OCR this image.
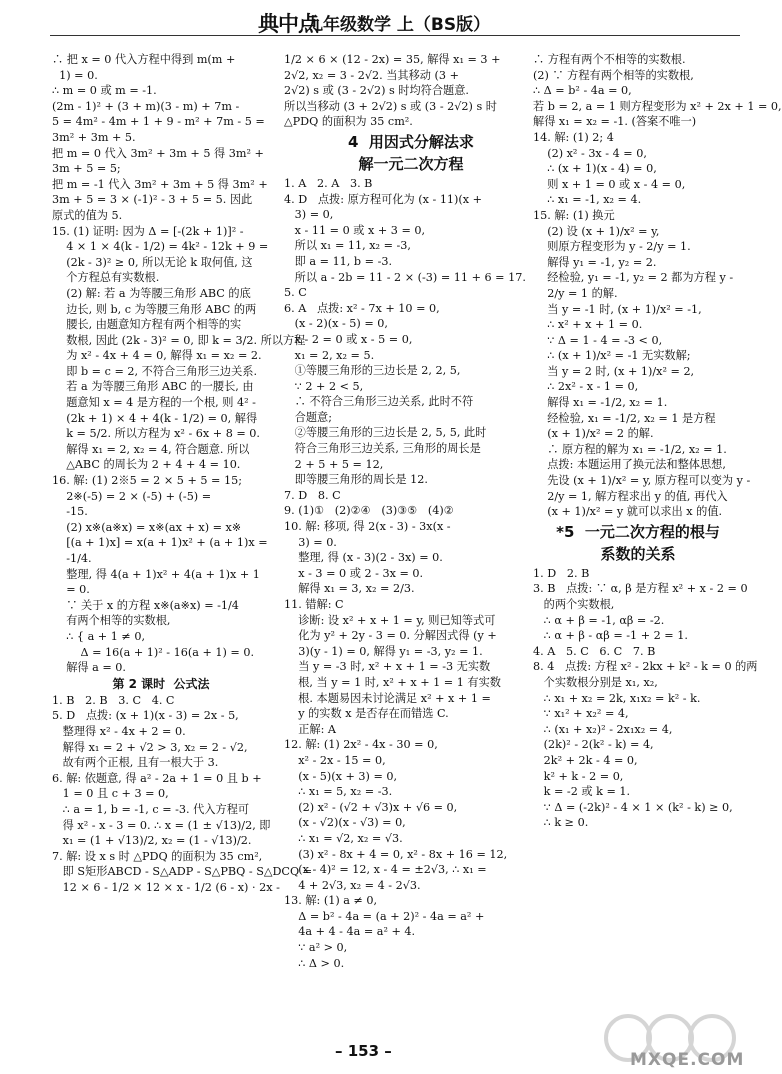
典中点
九年级数学 上（BS版）
∴ 把 x = 0 代入方程中得到 m(m +
1) = 0.
∴ m = 0 或 m = -1.
(2m - 1)² + (3 + m)(3 - m) + 7m -
5 = 4m² - 4m + 1 + 9 - m² + 7m - 5 =
3m² + 3m + 5.
把 m = 0 代入 3m² + 3m + 5 得 3m² +
3m + 5 = 5;
把 m = -1 代入 3m² + 3m + 5 得 3m² +
3m + 5 = 3 × (-1)² - 3 + 5 = 5. 因此
原式的值为 5.
15. (1) 证明: 因为 Δ = [-(2k + 1)]² -
4 × 1 × 4(k - 1/2) = 4k² - 12k + 9 =
(2k - 3)² ≥ 0, 所以无论 k 取何值, 这
个方程总有实数根.
(2) 解: 若 a 为等腰三角形 ABC 的底
边长, 则 b, c 为等腰三角形 ABC 的两
腰长, 由题意知方程有两个相等的实
数根, 因此 (2k - 3)² = 0, 即 k = 3/2. 所以方程
为 x² - 4x + 4 = 0, 解得 x₁ = x₂ = 2.
即 b = c = 2, 不符合三角形三边关系.
若 a 为等腰三角形 ABC 的一腰长, 由
题意知 x = 4 是方程的一个根, 则 4² -
(2k + 1) × 4 + 4(k - 1/2) = 0, 解得
k = 5/2. 所以方程为 x² - 6x + 8 = 0.
解得 x₁ = 2, x₂ = 4, 符合题意. 所以
△ABC 的周长为 2 + 4 + 4 = 10.
16. 解: (1) 2※5 = 2 × 5 + 5 = 15;
2※(-5) = 2 × (-5) + (-5) =
-15.
(2) x※(a※x) = x※(ax + x) = x※
[(a + 1)x] = x(a + 1)x² + (a + 1)x =
-1/4.
整理, 得 4(a + 1)x² + 4(a + 1)x + 1
= 0.
∵ 关于 x 的方程 x※(a※x) = -1/4
有两个相等的实数根,
∴ { a + 1 ≠ 0,
Δ = 16(a + 1)² - 16(a + 1) = 0.
解得 a = 0.
第 2 课时  公式法
1. B   2. B   3. C   4. C
5. D   点拨: (x + 1)(x - 3) = 2x - 5,
整理得 x² - 4x + 2 = 0.
解得 x₁ = 2 + √2 > 3, x₂ = 2 - √2,
故有两个正根, 且有一根大于 3.
6. 解: 依题意, 得 a² - 2a + 1 = 0 且 b +
1 = 0 且 c + 3 = 0,
∴ a = 1, b = -1, c = -3. 代入方程可
得 x² - x - 3 = 0. ∴ x = (1 ± √13)/2, 即
x₁ = (1 + √13)/2, x₂ = (1 - √13)/2.
7. 解: 设 x s 时 △PDQ 的面积为 35 cm²,
即 S矩形ABCD - S△ADP - S△PBQ - S△DCQ =
12 × 6 - 1/2 × 12 × x - 1/2 (6 - x) · 2x -
1/2 × 6 × (12 - 2x) = 35, 解得 x₁ = 3 +
2√2, x₂ = 3 - 2√2. 当其移动 (3 +
2√2) s 或 (3 - 2√2) s 时均符合题意.
所以当移动 (3 + 2√2) s 或 (3 - 2√2) s 时
△PDQ 的面积为 35 cm².
4  用因式分解法求
解一元二次方程
1. A   2. A   3. B
4. D   点拨: 原方程可化为 (x - 11)(x +
3) = 0,
x - 11 = 0 或 x + 3 = 0,
所以 x₁ = 11, x₂ = -3,
即 a = 11, b = -3.
所以 a - 2b = 11 - 2 × (-3) = 11 + 6 = 17.
5. C
6. A   点拨: x² - 7x + 10 = 0,
(x - 2)(x - 5) = 0,
x - 2 = 0 或 x - 5 = 0,
x₁ = 2, x₂ = 5.
①等腰三角形的三边长是 2, 2, 5,
∵ 2 + 2 < 5,
∴ 不符合三角形三边关系, 此时不符
合题意;
②等腰三角形的三边长是 2, 5, 5, 此时
符合三角形三边关系, 三角形的周长是
2 + 5 + 5 = 12,
即等腰三角形的周长是 12.
7. D   8. C
9. (1)①   (2)②④   (3)③⑤   (4)②
10. 解: 移项, 得 2(x - 3) - 3x(x -
3) = 0.
整理, 得 (x - 3)(2 - 3x) = 0.
x - 3 = 0 或 2 - 3x = 0.
解得 x₁ = 3, x₂ = 2/3.
11. 错解: C
诊断: 设 x² + x + 1 = y, 则已知等式可
化为 y² + 2y - 3 = 0. 分解因式得 (y +
3)(y - 1) = 0, 解得 y₁ = -3, y₂ = 1.
当 y = -3 时, x² + x + 1 = -3 无实数
根, 当 y = 1 时, x² + x + 1 = 1 有实数
根. 本题易因未讨论满足 x² + x + 1 =
y 的实数 x 是否存在而错选 C.
正解: A
12. 解: (1) 2x² - 4x - 30 = 0,
x² - 2x - 15 = 0,
(x - 5)(x + 3) = 0,
∴ x₁ = 5, x₂ = -3.
(2) x² - (√2 + √3)x + √6 = 0,
(x - √2)(x - √3) = 0,
∴ x₁ = √2, x₂ = √3.
(3) x² - 8x + 4 = 0, x² - 8x + 16 = 12,
(x - 4)² = 12, x - 4 = ±2√3, ∴ x₁ =
4 + 2√3, x₂ = 4 - 2√3.
13. 解: (1) a ≠ 0,
Δ = b² - 4a = (a + 2)² - 4a = a² +
4a + 4 - 4a = a² + 4.
∵ a² > 0,
∴ Δ > 0.
∴ 方程有两个不相等的实数根.
(2) ∵ 方程有两个相等的实数根,
∴ Δ = b² - 4a = 0,
若 b = 2, a = 1 则方程变形为 x² + 2x + 1 = 0,
解得 x₁ = x₂ = -1. (答案不唯一)
14. 解: (1) 2; 4
(2) x² - 3x - 4 = 0,
∴ (x + 1)(x - 4) = 0,
则 x + 1 = 0 或 x - 4 = 0,
∴ x₁ = -1, x₂ = 4.
15. 解: (1) 换元
(2) 设 (x + 1)/x² = y,
则原方程变形为 y - 2/y = 1.
解得 y₁ = -1, y₂ = 2.
经检验, y₁ = -1, y₂ = 2 都为方程 y -
2/y = 1 的解.
当 y = -1 时, (x + 1)/x² = -1,
∴ x² + x + 1 = 0.
∵ Δ = 1 - 4 = -3 < 0,
∴ (x + 1)/x² = -1 无实数解;
当 y = 2 时, (x + 1)/x² = 2,
∴ 2x² - x - 1 = 0,
解得 x₁ = -1/2, x₂ = 1.
经检验, x₁ = -1/2, x₂ = 1 是方程
(x + 1)/x² = 2 的解.
∴ 原方程的解为 x₁ = -1/2, x₂ = 1.
点拨: 本题运用了换元法和整体思想,
先设 (x + 1)/x² = y, 原方程可以变为 y -
2/y = 1, 解方程求出 y 的值, 再代入
(x + 1)/x² = y 就可以求出 x 的值.
*5  一元二次方程的根与
系数的关系
1. D   2. B
3. B   点拨: ∵ α, β 是方程 x² + x - 2 = 0
的两个实数根,
∴ α + β = -1, αβ = -2.
∴ α + β - αβ = -1 + 2 = 1.
4. A   5. C   6. C   7. B
8. 4   点拨: 方程 x² - 2kx + k² - k = 0 的两
个实数根分别是 x₁, x₂,
∴ x₁ + x₂ = 2k, x₁x₂ = k² - k.
∵ x₁² + x₂² = 4,
∴ (x₁ + x₂)² - 2x₁x₂ = 4,
(2k)² - 2(k² - k) = 4,
2k² + 2k - 4 = 0,
k² + k - 2 = 0,
k = -2 或 k = 1.
∵ Δ = (-2k)² - 4 × 1 × (k² - k) ≥ 0,
∴ k ≥ 0.
– 153 –	MXQE.COM
